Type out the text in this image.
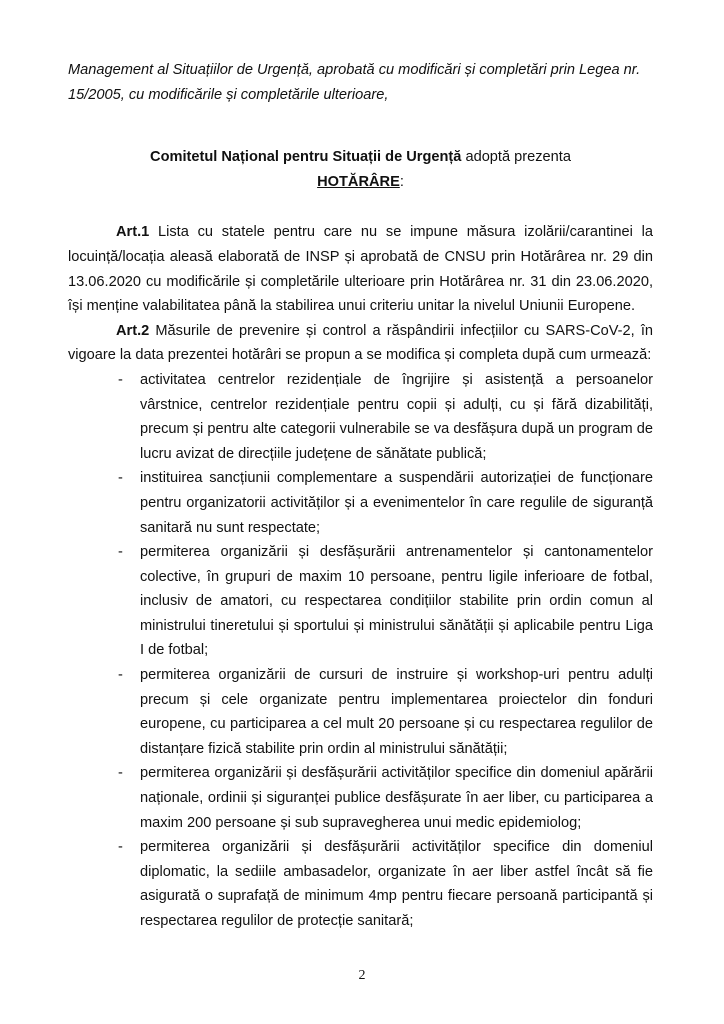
Management al Situațiilor de Urgență, aprobată cu modificări și completări prin Legea nr.
15/2005, cu modificările și completările ulterioare,

Comitetul Național pentru Situații de Urgență adoptă prezenta

HOTĂRÂRE:

Art.1 Lista cu statele pentru care nu se impune măsura izolării/carantinei la locuință/locația aleasă elaborată de INSP și aprobată de CNSU prin Hotărârea nr. 29 din 13.06.2020 cu modificările și completările ulterioare prin Hotărârea nr. 31 din 23.06.2020, își menține valabilitatea până la stabilirea unui criteriu unitar la nivelul Uniunii Europene.

Art.2 Măsurile de prevenire și control a răspândirii infecțiilor cu SARS-CoV-2, în vigoare la data prezentei hotărâri se propun a se modifica și completa după cum urmează:

- activitatea centrelor rezidențiale de îngrijire și asistență a persoanelor vârstnice, centrelor rezidențiale pentru copii și adulți, cu și fără dizabilități, precum și pentru alte categorii vulnerabile se va desfășura după un program de lucru avizat de direcțiile județene de sănătate publică;
- instituirea sancțiunii complementare a suspendării autorizației de funcționare pentru organizatorii activităților și a evenimentelor în care regulile de siguranță sanitară nu sunt respectate;
- permiterea organizării și desfășurării antrenamentelor și cantonamentelor colective, în grupuri de maxim 10 persoane, pentru ligile inferioare de fotbal, inclusiv de amatori, cu respectarea condițiilor stabilite prin ordin comun al ministrului tineretului și sportului și ministrului sănătății și aplicabile pentru Liga I de fotbal;
- permiterea organizării de cursuri de instruire și workshop-uri pentru adulți precum și cele organizate pentru implementarea proiectelor din fonduri europene, cu participarea a cel mult 20 persoane și cu respectarea regulilor de distanțare fizică stabilite prin ordin al ministrului sănătății;
- permiterea organizării și desfășurării activităților specifice din domeniul apărării naționale, ordinii și siguranței publice desfășurate în aer liber, cu participarea a maxim 200 persoane și sub supravegherea unui medic epidemiolog;
- permiterea organizării și desfășurării activităților specifice din domeniul diplomatic, la sediile ambasadelor, organizate în aer liber astfel încât să fie asigurată o suprafață de minimum 4mp pentru fiecare persoană participantă și respectarea regulilor de protecție sanitară;
2
